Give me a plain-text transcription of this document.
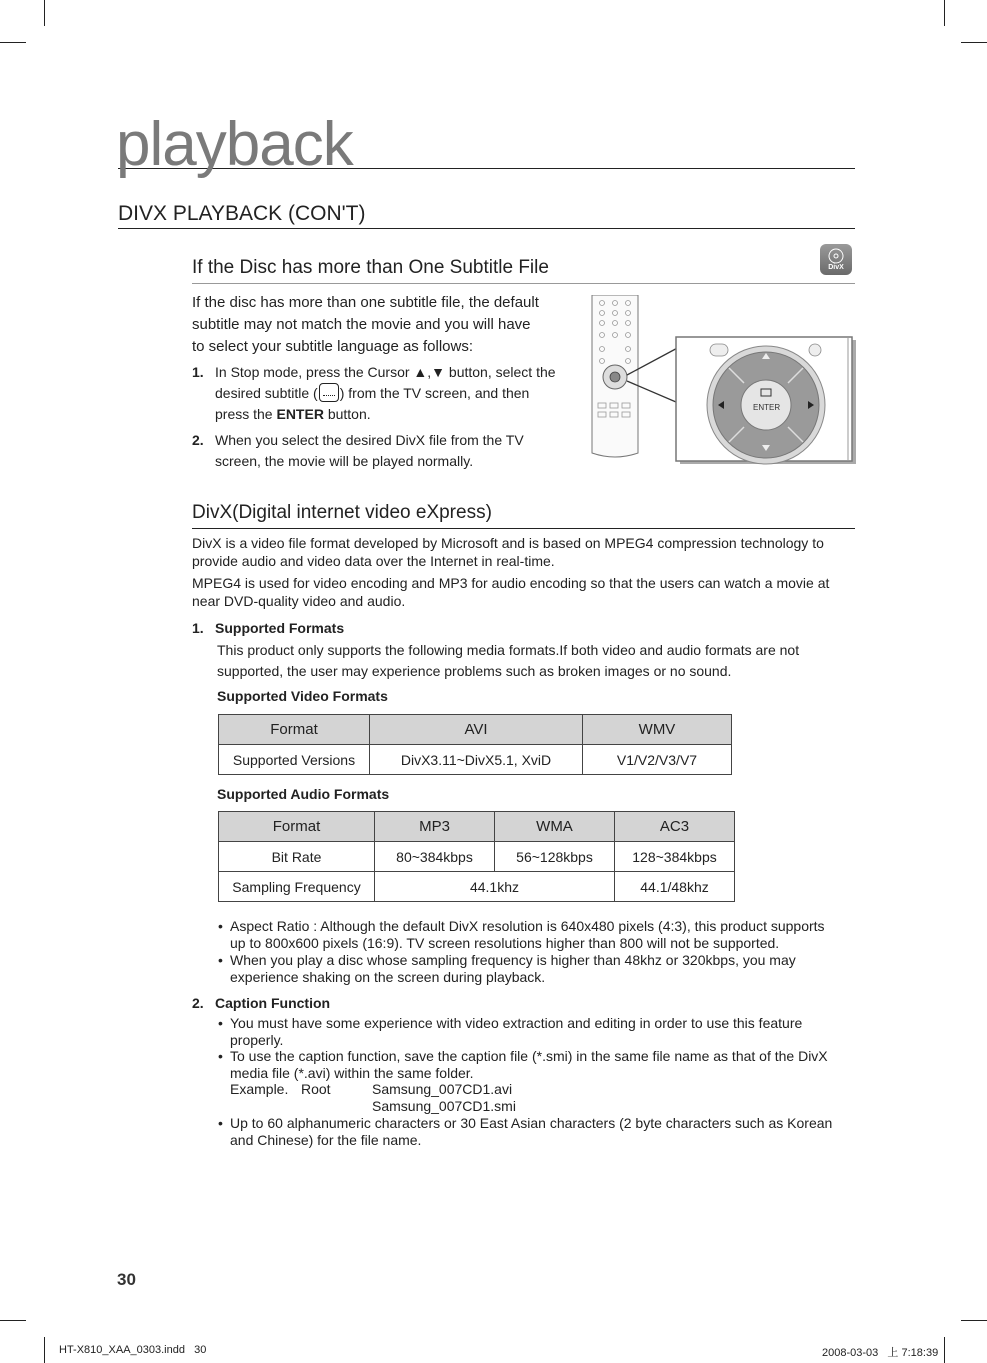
playback
DIVX PLAYBACK (CON'T)
If the Disc has more than One Subtitle File	DivX
If the disc has more than one subtitle file, the default
subtitle may not match the movie and you will have
to select your subtitle language as follows:
1. In Stop mode, press the Cursor ▲,▼ button, select the
desired subtitle ( ) from the TV screen, and then
press the ENTER button.
2. When you select the desired DivX file from the TV
screen, the movie will be played normally.
ENTER
DivX(Digital internet video eXpress)
DivX is a video file format developed by Microsoft and is based on MPEG4 compression technology to
provide audio and video data over the Internet in real-time.
MPEG4 is used for video encoding and MP3 for audio encoding so that the users can watch a movie at
near DVD-quality video and audio.
1. Supported Formats
This product only supports the following media formats.If both video and audio formats are not
supported, the user may experience problems such as broken images or no sound.
Supported Video Formats
Format	AVI	WMV
Supported Versions	DivX3.11~DivX5.1, XviD	V1/V2/V3/V7
Supported Audio Formats
Format	MP3	WMA	AC3
Bit Rate	80~384kbps	56~128kbps	128~384kbps
Sampling Frequency	44.1khz		44.1/48khz
• Aspect Ratio : Although the default DivX resolution is 640x480 pixels (4:3), this product supports
up to 800x600 pixels (16:9). TV screen resolutions higher than 800 will not be supported.
• When you play a disc whose sampling frequency is higher than 48khz or 320kbps, you may
experience shaking on the screen during playback.
2. Caption Function
• You must have some experience with video extraction and editing in order to use this feature
properly.
• To use the caption function, save the caption file (*.smi) in the same file name as that of the DivX
media file (*.avi) within the same folder.
Example. Root	Samsung_007CD1.avi
Samsung_007CD1.smi
• Up to 60 alphanumeric characters or 30 East Asian characters (2 byte characters such as Korean
and Chinese) for the file name.
30
HT-X810_XAA_0303.indd   30	2008-03-03   上 7:18:39
